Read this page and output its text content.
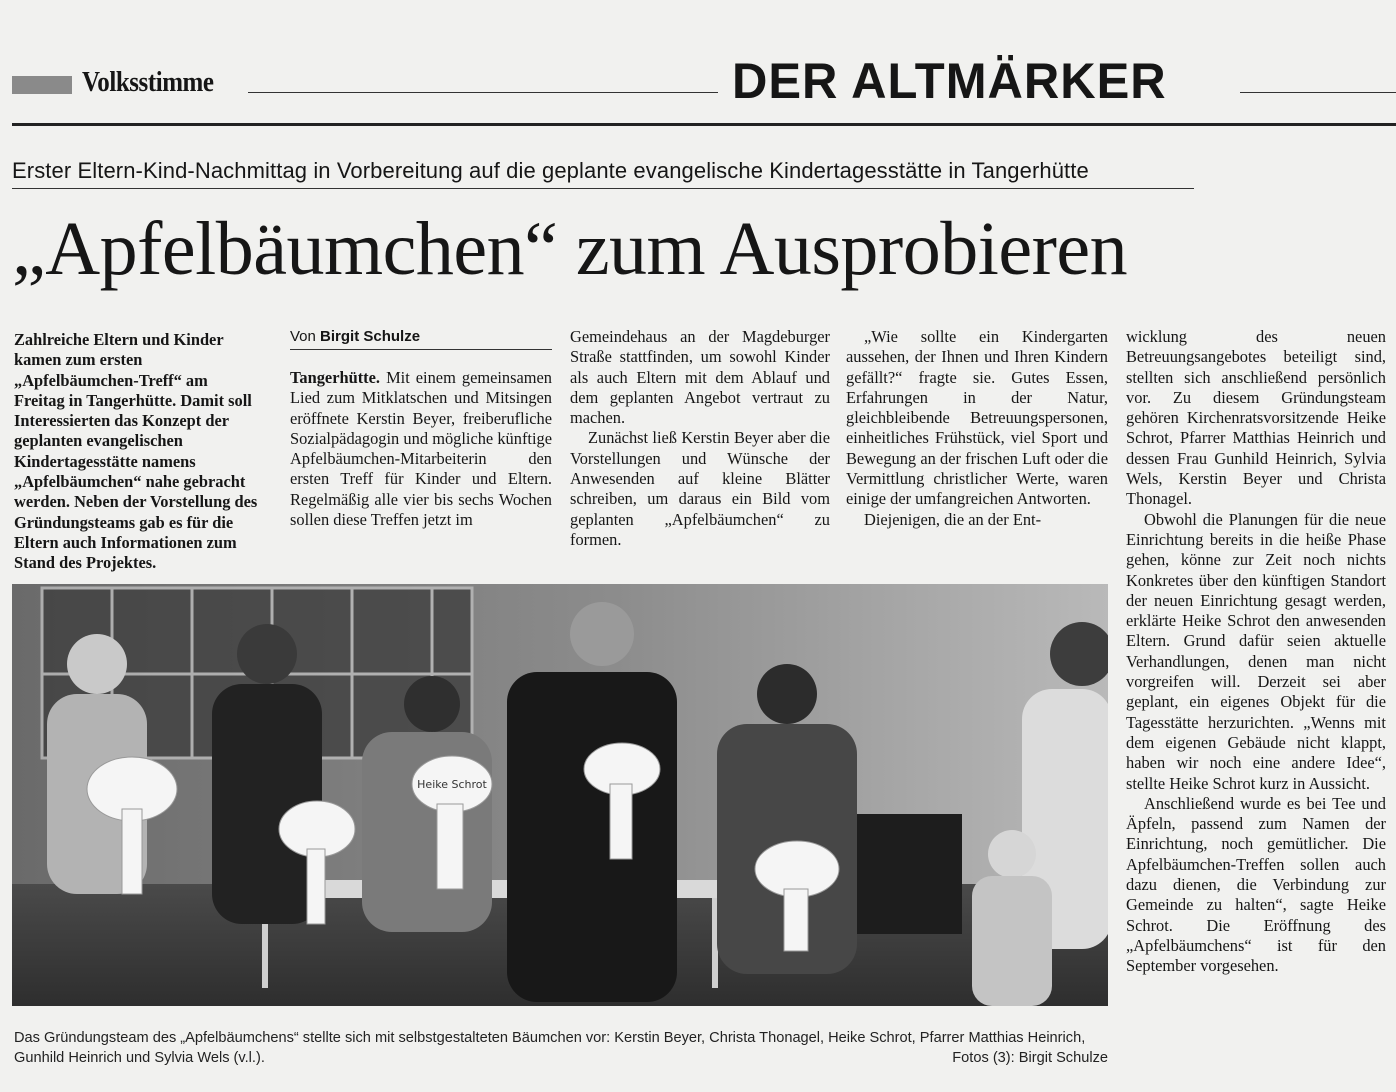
Volksstimme	DER ALTMÄRKER
Erster Eltern-Kind-Nachmittag in Vorbereitung auf die geplante evangelische Kindertagesstätte in Tangerhütte
„Apfelbäumchen“ zum Ausprobieren
Zahlreiche Eltern und Kinder kamen zum ersten „Apfelbäumchen-Treff“ am Freitag in Tangerhütte. Damit soll Interessierten das Konzept der geplanten evangelischen Kindertagesstätte namens „Apfelbäumchen“ nahe gebracht werden. Neben der Vorstellung des Gründungsteams gab es für die Eltern auch Informationen zum Stand des Projektes.
Von Birgit Schulze

Tangerhütte. Mit einem gemeinsamen Lied zum Mitklatschen und Mitsingen eröffnete Kerstin Beyer, freiberufliche Sozialpädagogin und mögliche künftige Apfelbäumchen-Mitarbeiterin den ersten Treff für Kinder und Eltern. Regelmäßig alle vier bis sechs Wochen sollen diese Treffen jetzt im

Gemeindehaus an der Magdeburger Straße stattfinden, um sowohl Kinder als auch Eltern mit dem Ablauf und dem geplanten Angebot vertraut zu machen.

Zunächst ließ Kerstin Beyer aber die Vorstellungen und Wünsche der Anwesenden auf kleine Blätter schreiben, um daraus ein Bild vom geplanten „Apfelbäumchen“ zu formen.

„Wie sollte ein Kindergarten aussehen, der Ihnen und Ihren Kindern gefällt?“ fragte sie. Gutes Essen, Erfahrungen in der Natur, gleichbleibende Betreuungspersonen, einheitliches Frühstück, viel Sport und Bewegung an der frischen Luft oder die Vermittlung christlicher Werte, waren einige der umfangreichen Antworten.

Diejenigen, die an der Ent-

wicklung des neuen Betreuungsangebotes beteiligt sind, stellten sich anschließend persönlich vor. Zu diesem Gründungsteam gehören Kirchenratsvorsitzende Heike Schrot, Pfarrer Matthias Heinrich und dessen Frau Gunhild Heinrich, Sylvia Wels, Kerstin Beyer und Christa Thonagel.

Obwohl die Planungen für die neue Einrichtung bereits in die heiße Phase gehen, könne zur Zeit noch nichts Konkretes über den künftigen Standort der neuen Einrichtung gesagt werden, erklärte Heike Schrot den anwesenden Eltern. Grund dafür seien aktuelle Verhandlungen, denen man nicht vorgreifen will. Derzeit sei aber geplant, ein eigenes Objekt für die Tagesstätte herzurichten. „Wenns mit dem eigenen Gebäude nicht klappt, haben wir noch eine andere Idee“, stellte Heike Schrot kurz in Aussicht.

Anschließend wurde es bei Tee und Äpfeln, passend zum Namen der Einrichtung, noch gemütlicher. Die Apfelbäumchen-Treffen sollen auch dazu dienen, die Verbindung zur Gemeinde zu halten“, sagte Heike Schrot. Die Eröffnung des „Apfelbäumchens“ ist für den September vorgesehen.

Heike Schrot
Das Gründungsteam des „Apfelbäumchens“ stellte sich mit selbstgestalteten Bäumchen vor: Kerstin Beyer, Christa Thonagel, Heike Schrot, Pfarrer Matthias Heinrich, Gunhild Heinrich und Sylvia Wels (v.l.).	Fotos (3): Birgit Schulze
